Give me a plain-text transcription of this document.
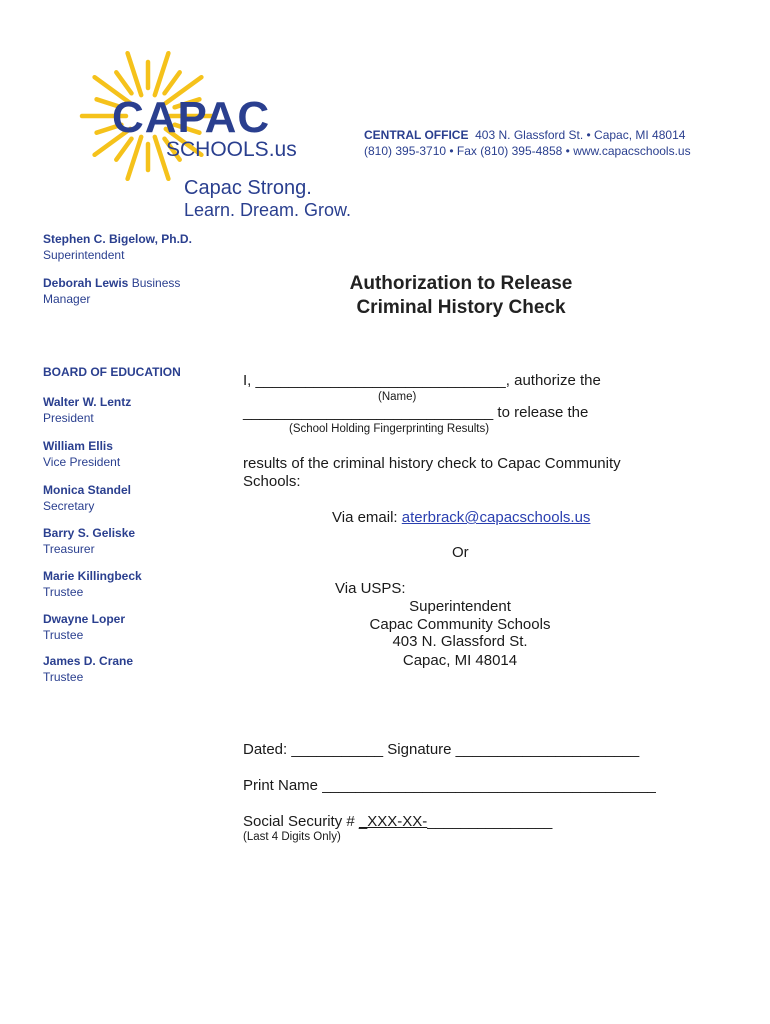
CAPAC
SCHOOLS.us
Capac Strong.
Learn. Dream. Grow.
CENTRAL OFFICE 403 N. Glassford St. • Capac, MI 48014
(810) 395-3710 • Fax (810) 395-4858 • www.capacschools.us
Stephen C. Bigelow, Ph.D.
Superintendent
Deborah Lewis Business
Manager
BOARD OF EDUCATION
Walter W. Lentz
President
William Ellis
Vice President
Monica Standel
Secretary
Barry S. Geliske
Treasurer
Marie Killingbeck
Trustee
Dwayne Loper
Trustee
James D. Crane
Trustee
Authorization to Release
Criminal History Check
I, ______________________________, authorize the
(Name)
______________________________ to release the
(School Holding Fingerprinting Results)
results of the criminal history check to Capac Community
Schools:
Via email: aterbrack@capacschools.us
Or
Via USPS:
Superintendent
Capac Community Schools
403 N. Glassford St.
Capac, MI 48014
Dated: ___________ Signature ______________________
Print Name ________________________________________
Social Security # _XXX-XX-_______________
(Last 4 Digits Only)
